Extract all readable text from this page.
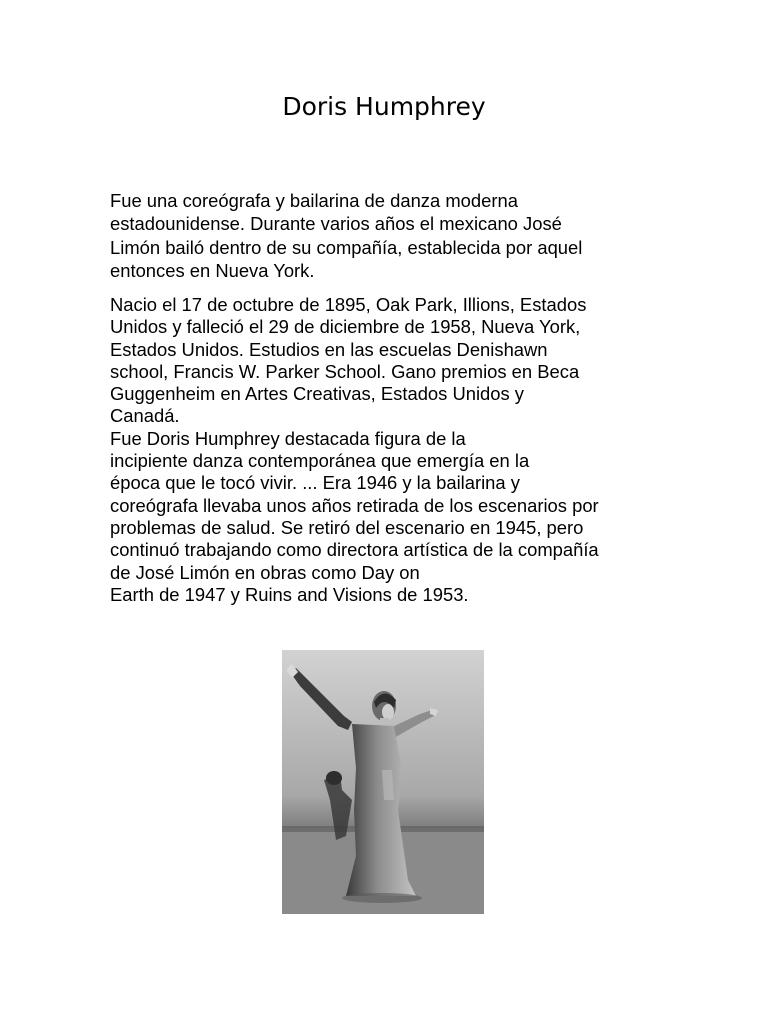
Doris Humphrey

Fue una coreógrafa y bailarina de danza moderna
estadounidense. Durante varios años el mexicano José
Limón bailó dentro de su compañía, establecida por aquel
entonces en Nueva York.

Nacio el 17 de octubre de 1895, Oak Park, Illions, Estados
Unidos y falleció el 29 de diciembre de 1958, Nueva York,
Estados Unidos. Estudios en las escuelas Denishawn
school, Francis W. Parker School. Gano premios en Beca
Guggenheim en Artes Creativas, Estados Unidos y
Canadá.
Fue Doris Humphrey destacada figura de la
incipiente danza contemporánea que emergía en la
época que le tocó vivir. ... Era 1946 y la bailarina y
coreógrafa llevaba unos años retirada de los escenarios por
problemas de salud. Se retiró del escenario en 1945, pero
continuó trabajando como directora artística de la compañía
de José Limón en obras como Day on
Earth de 1947 y Ruins and Visions de 1953.
